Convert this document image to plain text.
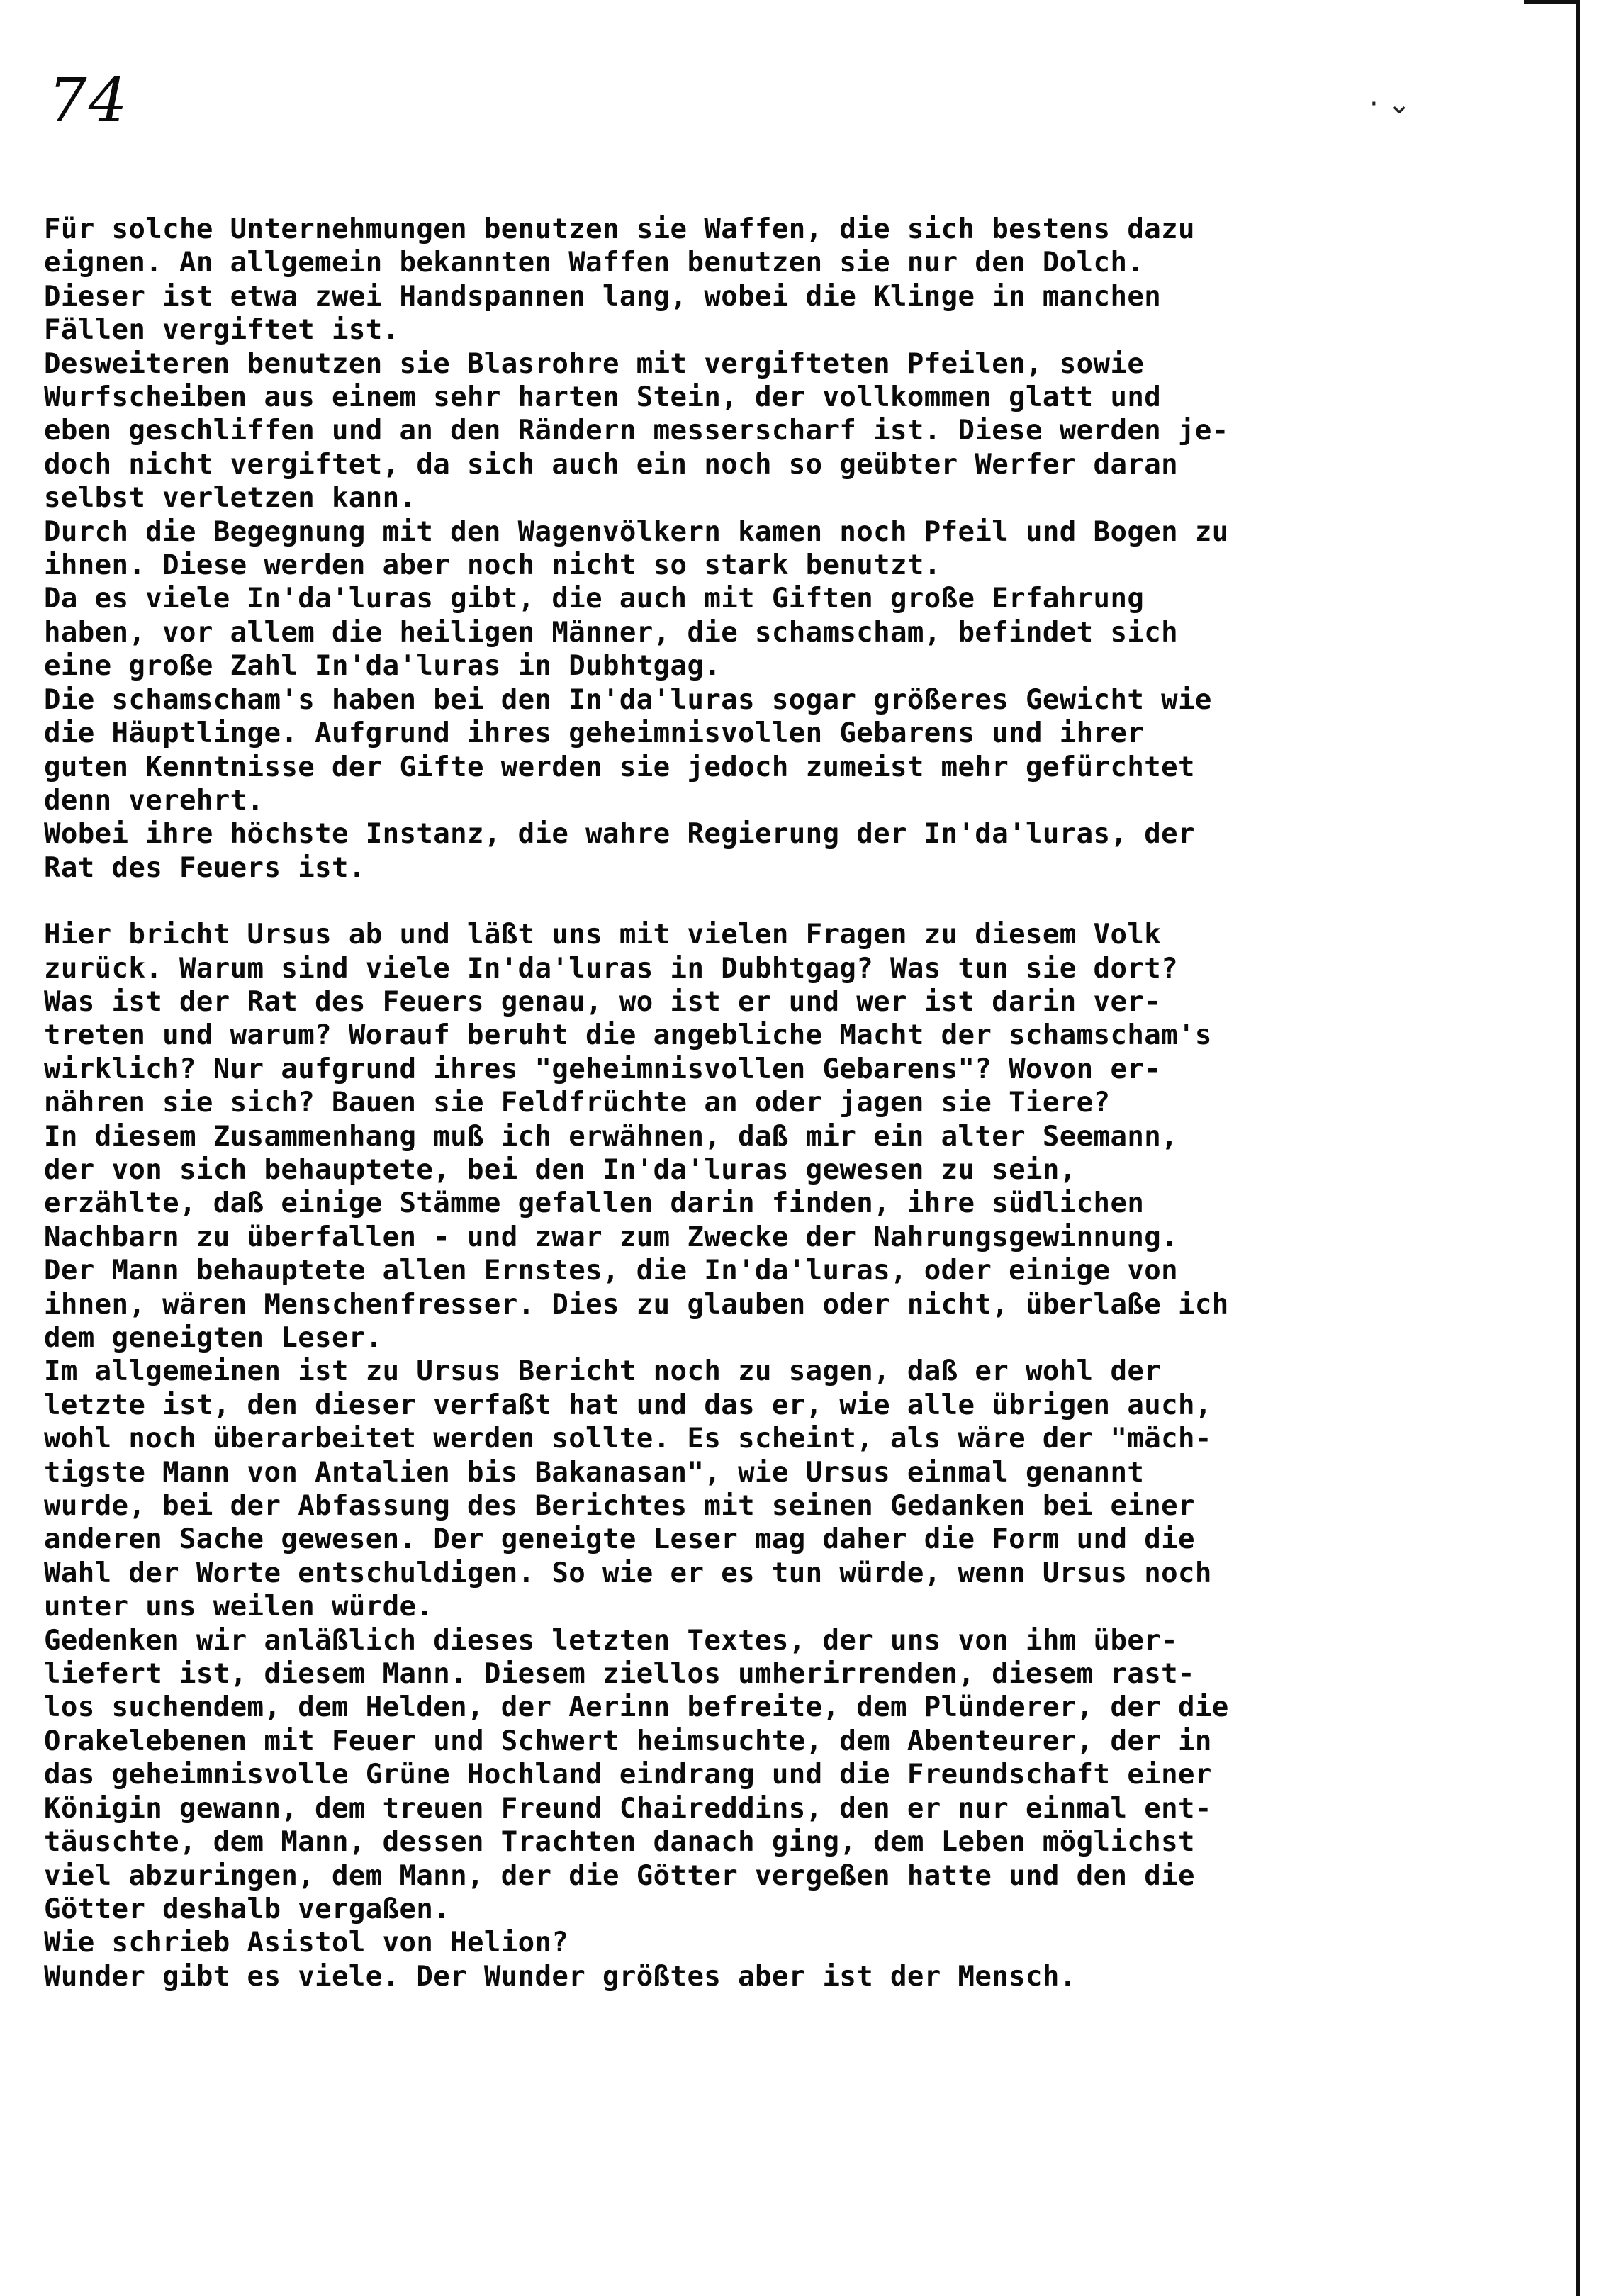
74	· ⌄

Für solche Unternehmungen benutzen sie Waffen, die sich bestens dazu
eignen. An allgemein bekannten Waffen benutzen sie nur den Dolch.
Dieser ist etwa zwei Handspannen lang, wobei die Klinge in manchen
Fällen vergiftet ist.

Desweiteren benutzen sie Blasrohre mit vergifteten Pfeilen, sowie
Wurfscheiben aus einem sehr harten Stein, der vollkommen glatt und
eben geschliffen und an den Rändern messerscharf ist. Diese werden je-
doch nicht vergiftet, da sich auch ein noch so geübter Werfer daran
selbst verletzen kann.

Durch die Begegnung mit den Wagenvölkern kamen noch Pfeil und Bogen zu
ihnen. Diese werden aber noch nicht so stark benutzt.

Da es viele In'da'luras gibt, die auch mit Giften große Erfahrung
haben, vor allem die heiligen Männer, die schamscham, befindet sich
eine große Zahl In'da'luras in Dubhtgag.

Die schamscham's haben bei den In'da'luras sogar größeres Gewicht wie
die Häuptlinge. Aufgrund ihres geheimnisvollen Gebarens und ihrer
guten Kenntnisse der Gifte werden sie jedoch zumeist mehr gefürchtet
denn verehrt.

Wobei ihre höchste Instanz, die wahre Regierung der In'da'luras, der
Rat des Feuers ist.

Hier bricht Ursus ab und läßt uns mit vielen Fragen zu diesem Volk
zurück. Warum sind viele In'da'luras in Dubhtgag? Was tun sie dort?
Was ist der Rat des Feuers genau, wo ist er und wer ist darin ver-
treten und warum? Worauf beruht die angebliche Macht der schamscham's
wirklich? Nur aufgrund ihres "geheimnisvollen Gebarens"? Wovon er-
nähren sie sich? Bauen sie Feldfrüchte an oder jagen sie Tiere?

In diesem Zusammenhang muß ich erwähnen, daß mir ein alter Seemann,
der von sich behauptete, bei den In'da'luras gewesen zu sein,
erzählte, daß einige Stämme gefallen darin finden, ihre südlichen
Nachbarn zu überfallen - und zwar zum Zwecke der Nahrungsgewinnung.
Der Mann behauptete allen Ernstes, die In'da'luras, oder einige von
ihnen, wären Menschenfresser. Dies zu glauben oder nicht, überlaße ich
dem geneigten Leser.

Im allgemeinen ist zu Ursus Bericht noch zu sagen, daß er wohl der
letzte ist, den dieser verfaßt hat und das er, wie alle übrigen auch,
wohl noch überarbeitet werden sollte. Es scheint, als wäre der "mäch-
tigste Mann von Antalien bis Bakanasan", wie Ursus einmal genannt
wurde, bei der Abfassung des Berichtes mit seinen Gedanken bei einer
anderen Sache gewesen. Der geneigte Leser mag daher die Form und die
Wahl der Worte entschuldigen. So wie er es tun würde, wenn Ursus noch
unter uns weilen würde.

Gedenken wir anläßlich dieses letzten Textes, der uns von ihm über-
liefert ist, diesem Mann. Diesem ziellos umherirrenden, diesem rast-
los suchendem, dem Helden, der Aerinn befreite, dem Plünderer, der die
Orakelebenen mit Feuer und Schwert heimsuchte, dem Abenteurer, der in
das geheimnisvolle Grüne Hochland eindrang und die Freundschaft einer
Königin gewann, dem treuen Freund Chaireddins, den er nur einmal ent-
täuschte, dem Mann, dessen Trachten danach ging, dem Leben möglichst
viel abzuringen, dem Mann, der die Götter vergeßen hatte und den die
Götter deshalb vergaßen.

Wie schrieb Asistol von Helion?

Wunder gibt es viele. Der Wunder größtes aber ist der Mensch.
